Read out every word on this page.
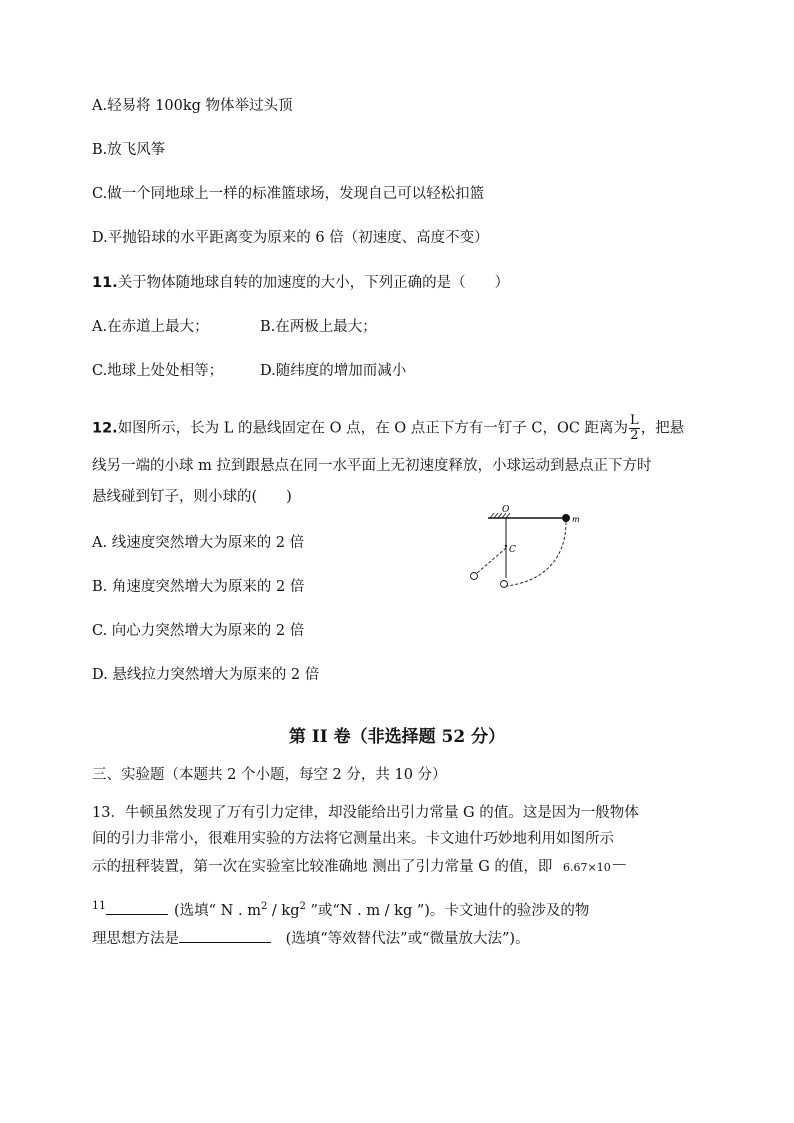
A.轻易将 100kg 物体举过头顶
B.放飞风筝
C.做一个同地球上一样的标准篮球场，发现自己可以轻松扣篮
D.平抛铅球的水平距离变为原来的 6 倍（初速度、高度不变）
11.关于物体随地球自转的加速度的大小，下列正确的是（　　）
A.在赤道上最大；	B.在两极上最大；
C.地球上处处相等；	D.随纬度的增加而减小
12.如图所示，长为 L 的悬线固定在 O 点，在 O 点正下方有一钉子 C，OC 距离为 $\frac{L}{2}$ ，把悬
线另一端的小球 m 拉到跟悬点在同一水平面上无初速度释放，小球运动到悬点正下方时
悬线碰到钉子，则小球的(　　)
A. 线速度突然增大为原来的 2 倍
B. 角速度突然增大为原来的 2 倍
C. 向心力突然增大为原来的 2 倍
D. 悬线拉力突然增大为原来的 2 倍
O
m
C
第 II 卷（非选择题 52 分）
三、实验题（本题共 2 个小题，每空 2 分，共 10 分）
13．牛顿虽然发现了万有引力定律，却没能给出引力常量 G 的值。这是因为一般物体
间的引力非常小，很难用实验的方法将它测量出来。卡文迪什巧妙地利用如图所示
示的扭秤装置，第一次在实验室比较准确地 测出了引力常量 G 的值，即 6.67×10－
$^{11}$	(选填“ N . $m^2 / kg^2$ ”或“N . m / kg ”)。卡文迪什的验涉及的物
理思想方法是	(选填“等效替代法”或“微量放大法”)。
